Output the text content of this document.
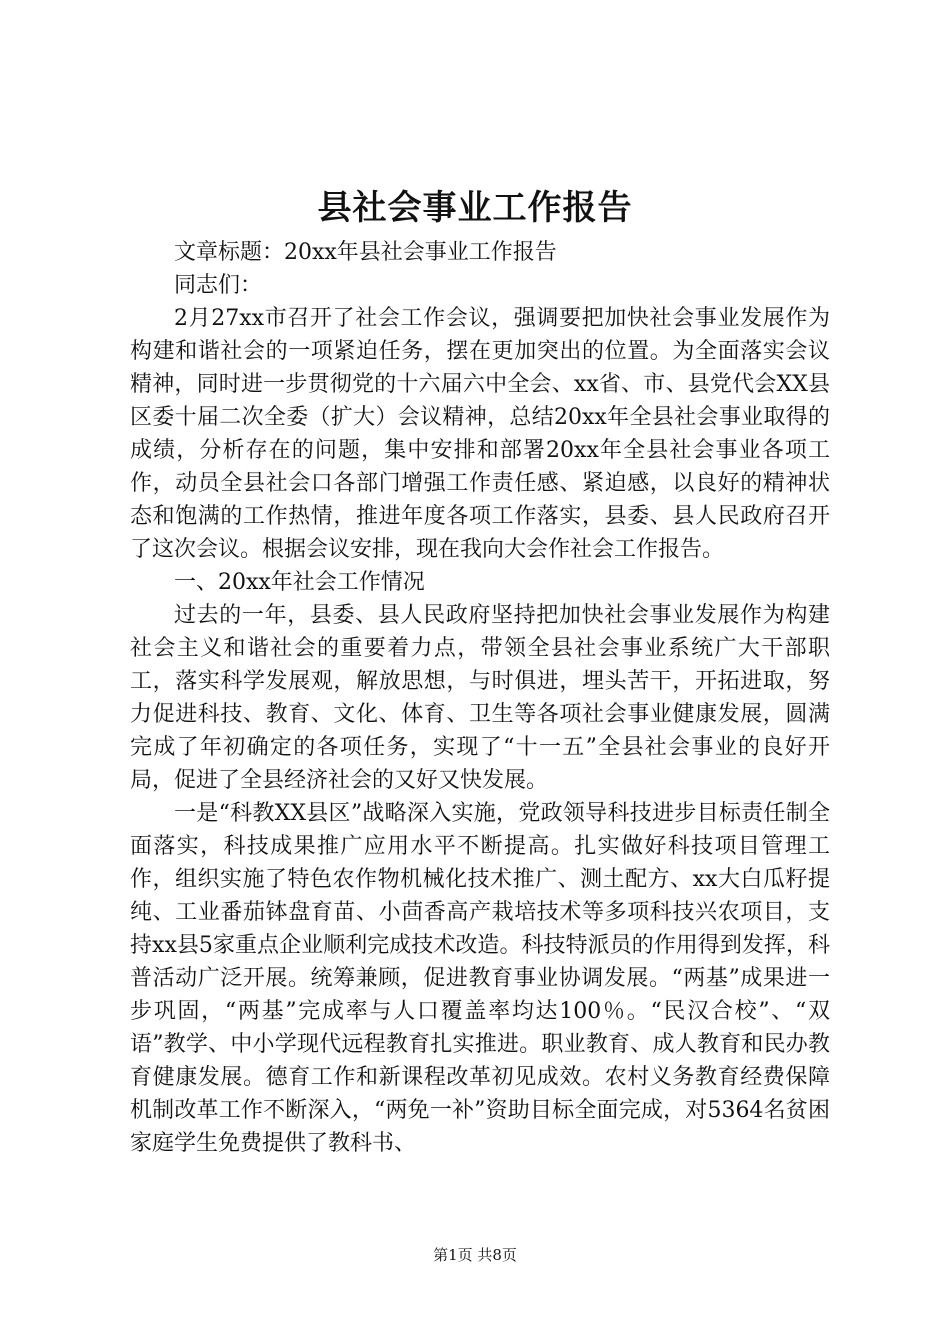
县社会事业工作报告

文章标题：20xx年县社会事业工作报告

同志们：

2月27xx市召开了社会工作会议，强调要把加快社会事业发展作为构建和谐社会的一项紧迫任务，摆在更加突出的位置。为全面落实会议精神，同时进一步贯彻党的十六届六中全会、xx省、市、县党代会XX县区委十届二次全委（扩大）会议精神，总结20xx年全县社会事业取得的成绩，分析存在的问题，集中安排和部署20xx年全县社会事业各项工作，动员全县社会口各部门增强工作责任感、紧迫感，以良好的精神状态和饱满的工作热情，推进年度各项工作落实，县委、县人民政府召开了这次会议。根据会议安排，现在我向大会作社会工作报告。

一、20xx年社会工作情况

过去的一年，县委、县人民政府坚持把加快社会事业发展作为构建社会主义和谐社会的重要着力点，带领全县社会事业系统广大干部职工，落实科学发展观，解放思想，与时俱进，埋头苦干，开拓进取，努力促进科技、教育、文化、体育、卫生等各项社会事业健康发展，圆满完成了年初确定的各项任务，实现了“十一五”全县社会事业的良好开局，促进了全县经济社会的又好又快发展。

一是“科教XX县区”战略深入实施，党政领导科技进步目标责任制全面落实，科技成果推广应用水平不断提高。扎实做好科技项目管理工作，组织实施了特色农作物机械化技术推广、测土配方、xx大白瓜籽提纯、工业番茄钵盘育苗、小茴香高产栽培技术等多项科技兴农项目，支持xx县5家重点企业顺利完成技术改造。科技特派员的作用得到发挥，科普活动广泛开展。统筹兼顾，促进教育事业协调发展。“两基”成果进一步巩固，“两基”完成率与人口覆盖率均达100％。“民汉合校”、“双语”教学、中小学现代远程教育扎实推进。职业教育、成人教育和民办教育健康发展。德育工作和新课程改革初见成效。农村义务教育经费保障机制改革工作不断深入，“两免一补”资助目标全面完成，对5364名贫困家庭学生免费提供了教科书、

第1页 共8页
